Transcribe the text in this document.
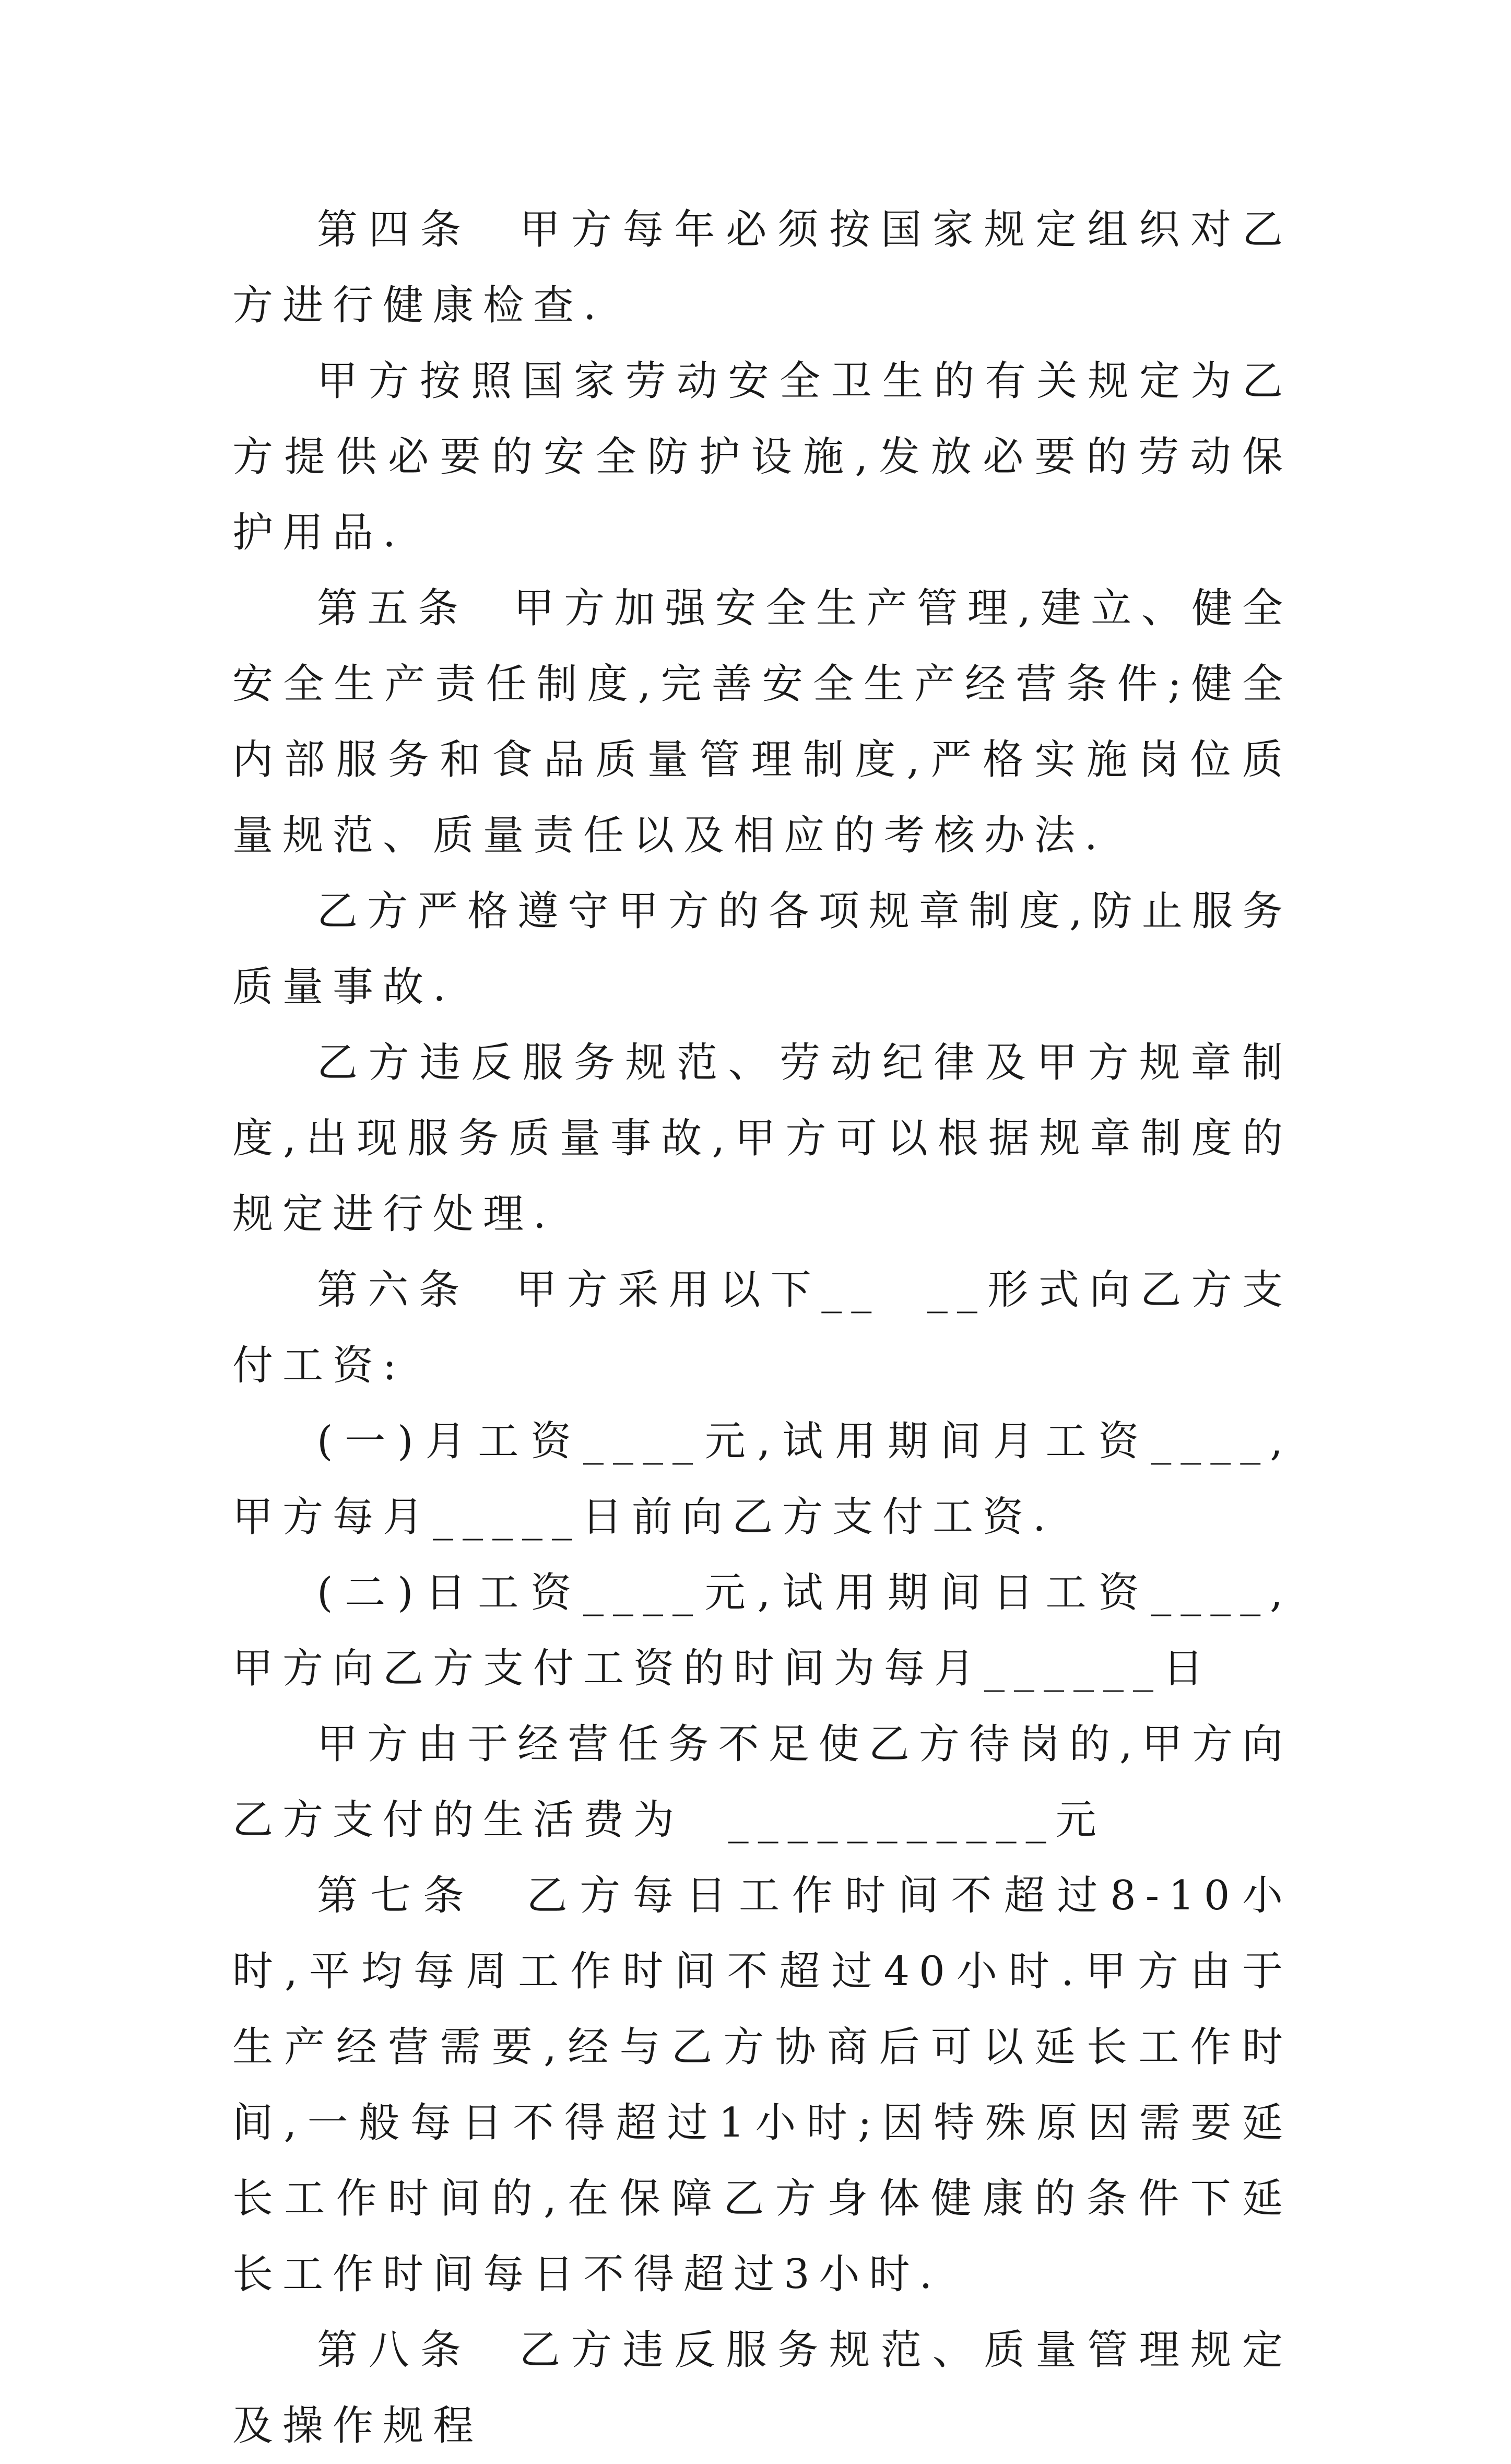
第四条  甲方每年必须按国家规定组织对乙方进行健康检查.

甲方按照国家劳动安全卫生的有关规定为乙方提供必要的安全防护设施,发放必要的劳动保护用品.

第五条  甲方加强安全生产管理,建立、健全安全生产责任制度,完善安全生产经营条件;健全内部服务和食品质量管理制度,严格实施岗位质量规范、质量责任以及相应的考核办法.

乙方严格遵守甲方的各项规章制度,防止服务质量事故.

乙方违反服务规范、劳动纪律及甲方规章制度,出现服务质量事故,甲方可以根据规章制度的规定进行处理.

第六条  甲方采用以下__  __形式向乙方支付工资:

(一)月工资____元,试用期间月工资____,甲方每月_____日前向乙方支付工资.

(二)日工资____元,试用期间日工资____,甲方向乙方支付工资的时间为每月______日

甲方由于经营任务不足使乙方待岗的,甲方向乙方支付的生活费为  ___________元

第七条  乙方每日工作时间不超过8-10小时,平均每周工作时间不超过40小时.甲方由于生产经营需要,经与乙方协商后可以延长工作时间,一般每日不得超过1小时;因特殊原因需要延长工作时间的,在保障乙方身体健康的条件下延长工作时间每日不得超过3小时.

第八条  乙方违反服务规范、质量管理规定及操作规程
